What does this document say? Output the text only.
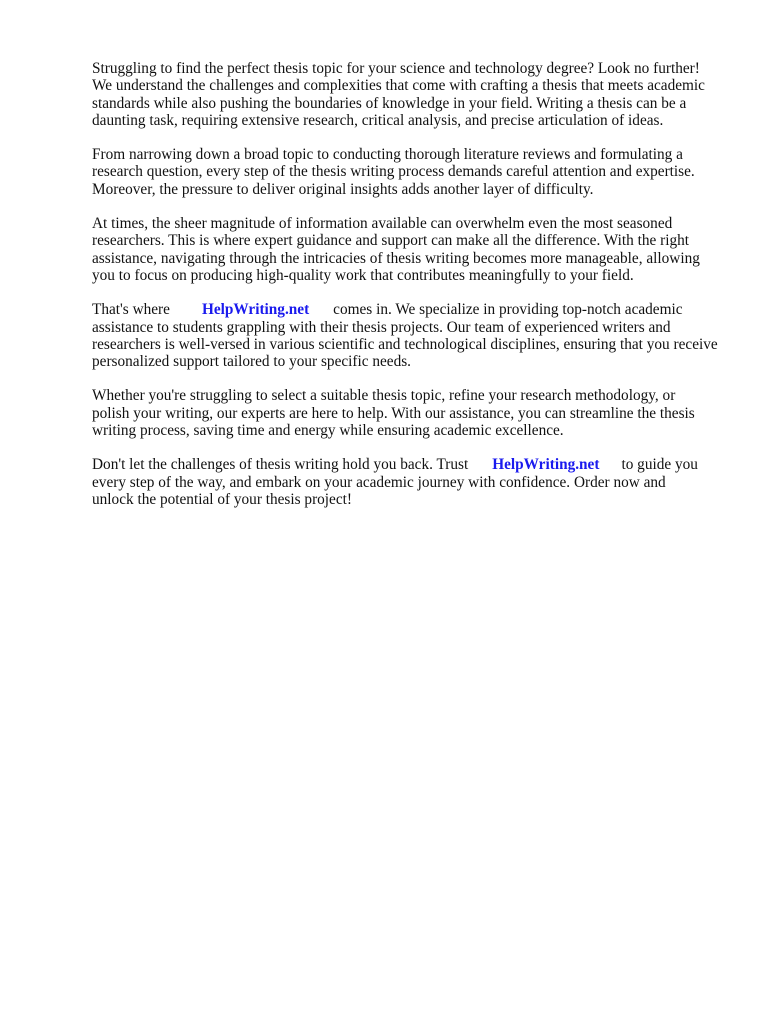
Struggling to find the perfect thesis topic for your science and technology degree? Look no further!
We understand the challenges and complexities that come with crafting a thesis that meets academic
standards while also pushing the boundaries of knowledge in your field. Writing a thesis can be a
daunting task, requiring extensive research, critical analysis, and precise articulation of ideas.

From narrowing down a broad topic to conducting thorough literature reviews and formulating a
research question, every step of the thesis writing process demands careful attention and expertise.
Moreover, the pressure to deliver original insights adds another layer of difficulty.

At times, the sheer magnitude of information available can overwhelm even the most seasoned
researchers. This is where expert guidance and support can make all the difference. With the right
assistance, navigating through the intricacies of thesis writing becomes more manageable, allowing
you to focus on producing high-quality work that contributes meaningfully to your field.

That's where HelpWriting.net comes in. We specialize in providing top-notch academic
assistance to students grappling with their thesis projects. Our team of experienced writers and
researchers is well-versed in various scientific and technological disciplines, ensuring that you receive
personalized support tailored to your specific needs.

Whether you're struggling to select a suitable thesis topic, refine your research methodology, or
polish your writing, our experts are here to help. With our assistance, you can streamline the thesis
writing process, saving time and energy while ensuring academic excellence.

Don't let the challenges of thesis writing hold you back. Trust HelpWriting.net to guide you
every step of the way, and embark on your academic journey with confidence. Order now and
unlock the potential of your thesis project!
